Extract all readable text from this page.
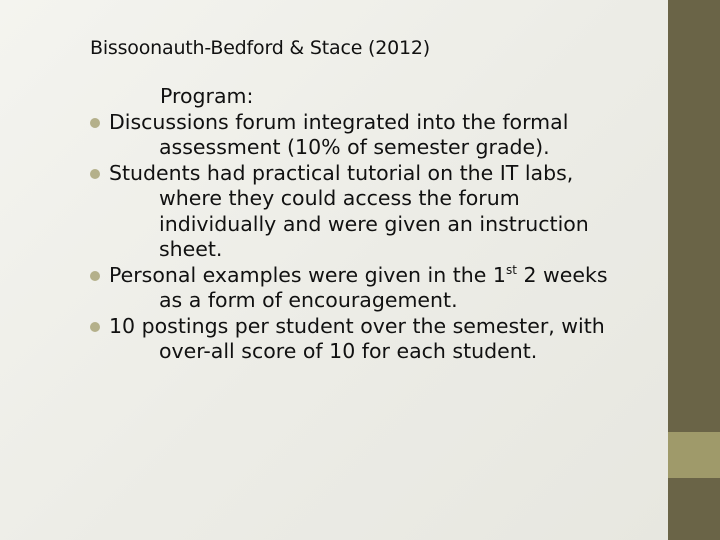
Bissoonauth-Bedford & Stace (2012)
Program:
Discussions forum integrated into the formal
assessment (10% of semester grade).
Students had practical tutorial on the IT labs,
where they could access the forum
individually and were given an instruction
sheet.
Personal examples were given in the 1st 2 weeks
as a form of encouragement.
10 postings per student over the semester, with
over-all score of 10 for each student.
